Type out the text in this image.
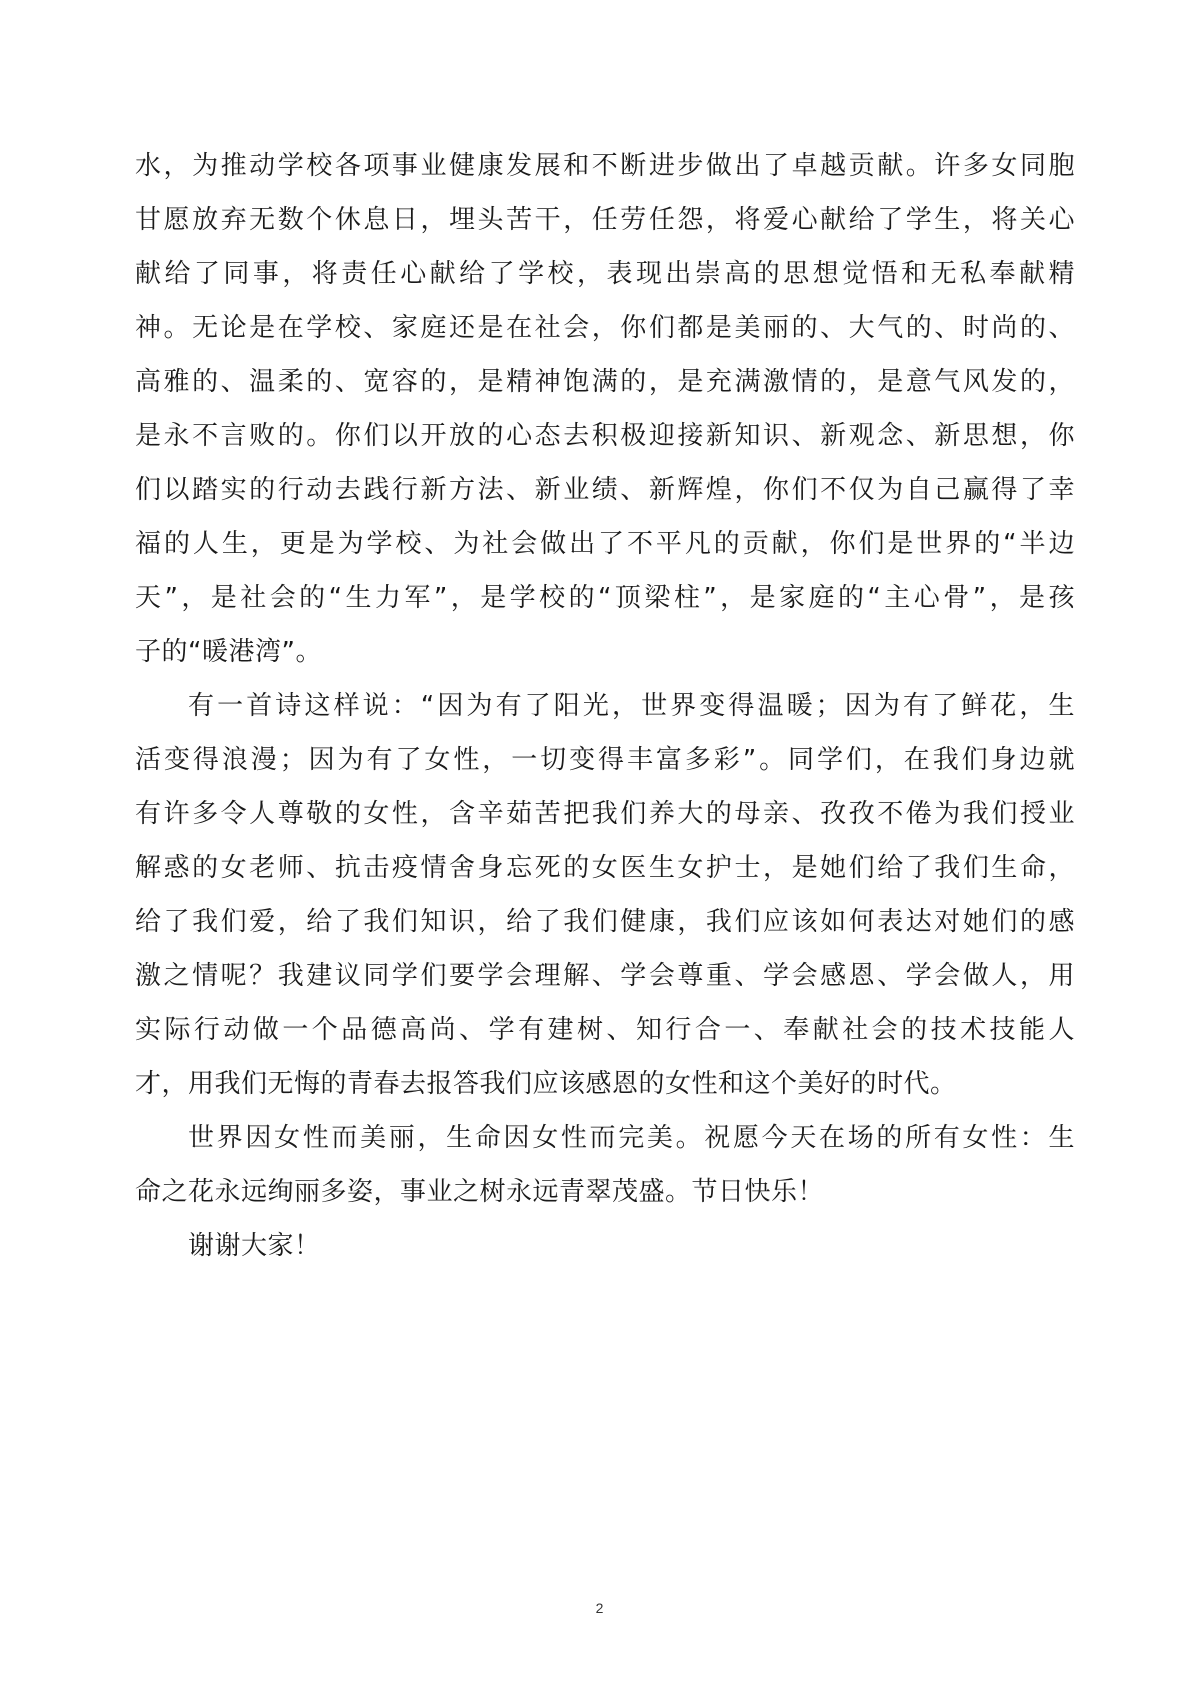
水，为推动学校各项事业健康发展和不断进步做出了卓越贡献。许多女同胞
甘愿放弃无数个休息日，埋头苦干，任劳任怨，将爱心献给了学生，将关心
献给了同事，将责任心献给了学校，表现出崇高的思想觉悟和无私奉献精
神。无论是在学校、家庭还是在社会，你们都是美丽的、大气的、时尚的、
高雅的、温柔的、宽容的，是精神饱满的，是充满激情的，是意气风发的，
是永不言败的。你们以开放的心态去积极迎接新知识、新观念、新思想，你
们以踏实的行动去践行新方法、新业绩、新辉煌，你们不仅为自己赢得了幸
福的人生，更是为学校、为社会做出了不平凡的贡献，你们是世界的“半边
天”，是社会的“生力军”，是学校的“顶梁柱”，是家庭的“主心骨”，是孩
子的“暖港湾”。
有一首诗这样说：“因为有了阳光，世界变得温暖；因为有了鲜花，生
活变得浪漫；因为有了女性，一切变得丰富多彩”。同学们，在我们身边就
有许多令人尊敬的女性，含辛茹苦把我们养大的母亲、孜孜不倦为我们授业
解惑的女老师、抗击疫情舍身忘死的女医生女护士，是她们给了我们生命，
给了我们爱，给了我们知识，给了我们健康，我们应该如何表达对她们的感
激之情呢？我建议同学们要学会理解、学会尊重、学会感恩、学会做人，用
实际行动做一个品德高尚、学有建树、知行合一、奉献社会的技术技能人
才，用我们无悔的青春去报答我们应该感恩的女性和这个美好的时代。
世界因女性而美丽，生命因女性而完美。祝愿今天在场的所有女性：生
命之花永远绚丽多姿，事业之树永远青翠茂盛。节日快乐！
谢谢大家！
2
